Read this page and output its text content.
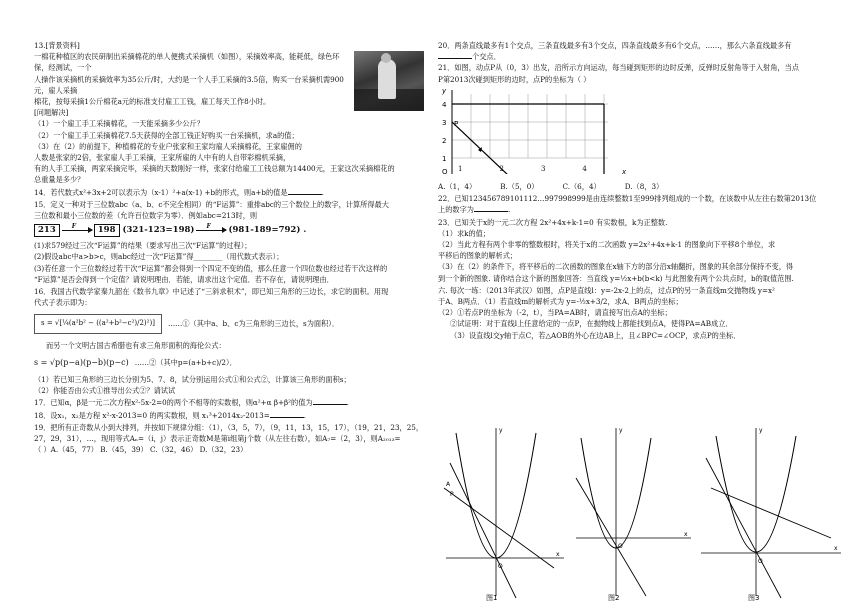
13.[背景资料]

一棉花种植区的农民研制出采摘棉花的单人便携式采摘机（如图），采摘效率高，能耗低，绿色环保，经测试，一个

人操作该采摘机的采摘效率为35公斤/时，大约是一个人手工采摘的3.5倍，购买一台采摘机需900元，雇人采摘

棉花，按每采摘1公斤棉花a元的标准支付雇工工钱，雇工每天工作8小时。

[问题解决]

（1）一个雇工手工采摘棉花，一天能采摘多少公斤？

（2）一个雇工手工采摘棉花7.5天获得的全部工钱正好购买一台采摘机，求a的值；

（3）在（2）的前提下，种植棉花的专业户张家和王家均雇人采摘棉花，王家雇佣的

人数是张家的2倍，张家雇人手工采摘，王家所雇的人中有的人自带彩棉机采摘，

有的人手工采摘，两家采摘完毕，采摘的天数刚好一样，张家付给雇工工钱总额为14400元，王家这次采摘棉花的

总重量是多少？

14．若代数式x²+3x+2可以表示为（x-1）²+a(x-1) +b的形式，则a+b的值是	.

15．定义一种对于三位数abc（a、b、c不完全相同）的“F运算”：重排abc的三个数位上的数字，计算所得最大

三位数和最小三位数的差（允许百位数字为零）．例如abc=213时，则

213	F	198 (321-123=198) F (981-189=792) .

(1)求579经过三次“F运算”的结果（要求写出三次“F运算”的过程）；

(2)假设abc中a>b>c，则abc经过一次“F运算”得________（用代数式表示）；

(3)若任意一个三位数经过若干次“F运算”都会得到一个四定不变的值，那么任意一个四位数也经过若干次这样的

“F运算”是否会得到一个定值？请说明理由．若能，请求出这个定值．若不存在，请说明理由．

16．我国古代数学家秦九韶在《数书九章》中记述了“三斜求积术”，即已知三角形的三边长，求它的面积。用现

代式子表示即为：

s = √[¼(a²b² − ((a²+b²−c²)/2)²)]	……①（其中a、b、c为三角形的三边长，s为面积）．

而另一个文明古国古希腊也有求三角形面积的海伦公式：

s = √p(p−a)(p−b)(p−c) ……②（其中p=(a+b+c)/2）．

（1）若已知三角形的三边长分别为5、7、8，试分别运用公式①和公式②，计算该三角形的面积s；

（2）你能否由公式①推导出公式②？请试试

17．已知α，β是一元二次方程x²-5x-2=0的两个不相等的实数根，则α²+α β+β²的值为	.

18．设x₁，x₂是方程 x²-x-2013=0 的两实数根，则 x₁³+2014x₂-2013=	.

19．把所有正奇数从小到大排列，并按如下规律分组：（1），（3，5，7），（9，11，13，15，17），（19，21，23，25，

27，29，31），…，现用等式Aₙ=（i，j）表示正奇数M是第i组第j个数（从左往右数），如A₇=（2，3），则A₂₀₁₃=

（ ）A.（45，77） B.（45，39） C.（32，46） D.（32，23）

20．两条直线最多有1个交点，三条直线最多有3个交点，四条直线最多有6个交点，……，那么六条直线最多有

个交点．

21．如图，动点P从（0，3）出发，沿所示方向运动，每当碰到矩形的边时反弹，反弹时反射角等于入射角，当点

P第2013次碰到矩形的边时，点P的坐标为（ ）

P
4
3
2
1
y
x
O 1	2	3	4
A.（1，4）	B.（5，0）	C.（6，4）	D.（8，3）

22．已知123456789101112…997998999是由连续整数1至999排列组成的一个数，在该数中从左往右数第2013位

上的数字为	.

23．已知关于x的一元二次方程 2x²+4x+k-1=0 有实数根，k为正整数.

（1）求k的值；

（2）当此方程有两个非零的整数根时，将关于x的二次函数 y=2x²+4x+k-1 的图象向下平移8个单位，求

平移后的图象的解析式；

（3）在（2）的条件下，将平移后的二次函数的图象在x轴下方的部分沿x轴翻折，图象的其余部分保持不变，得

到一个新的图象. 请你结合这个新的图象回答：当直线 y=½x+b(b<k) 与此图象有两个公共点时，b的取值范围.

六. 每次一练：（2013年武汉）如图，点P是直线l：y=-2x-2上的点，过点P的另一条直线m交抛物线 y=x²

于A、B两点．（1）若直线m的解析式为 y=-½x+3/2，求A、B两点的坐标；

（2）①若点P的坐标为（-2，t），当PA=AB时，请直接写出点A的坐标；

②试证明：对于直线l上任意给定的一点P，在抛物线上都能找到点A，使得PA=AB成立．

（3）设直线l交y轴于点C，若△AOB的外心在边AB上，且∠BPC=∠OCP，求点P的坐标．

A
P
O
x
y
图1
O
x
y
图2
O
x
y
图3
